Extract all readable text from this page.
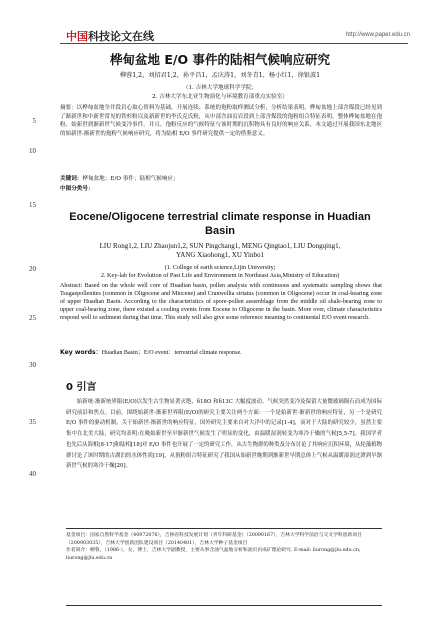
中国科技论文在线	http://www.paper.edu.cn
5
10
15
20
25
30
35
40
桦甸盆地 E/O 事件的陆相气候响应研究
柳蓉1,2，刘招君1,2，孙平昌1，孟庆涛1，刘冬青1，杨小红1，徐银波1
（1. 吉林大学地球科学学院；
2. 吉林大学东北亚生物演化与环境教育部重点实验室）
摘要：以桦甸盆地全井段岩心取心资料为基础，开展连续、系统的孢粉取样测试分析，分析结果表明，桦甸盆地上部含煤段已经见到了渐新世和中新世常见的铁杉粉以及新新世的李氏克氏粉，从中部含油页岩段到上部含煤段的孢粉组合特征表明，整体桦甸盆地在孢粉、始新世到渐新世气候变冷事件。并且，孢粉反应的气候特征与该时期的沉积物具有良好的响应关系，本文通过开展我国东北地区的始新世-渐新世的孢粉气候响应研究，将为陆相 E/O 事件研究提供一定的借鉴意义。
关键词：桦甸盆地；E/O 事件；陆相气候响应；
中图分类号：
Eocene/Oligocene terrestrial climate response in Huadian
Basin
LIU Rong1,2, LIU Zhaojun1,2, SUN Pingchang1, MENG Qingtao1, LIU Dongqing1,
YANG Xiaohong1, XU Yinbo1
(1. College of earth science,Lijin University;
2. Key-lab for Evolution of Past Life and Environment in Northeast Asia,Ministry of Education)
Abstract: Based on the whole well core of Huadian basin, pollen analysis with continuous and systematic sampling shows that Tsugaepollenites (common in Oligocene and Miocene) and Cranwellia striatus (common in Oligocene) occur in coal-bearing zone of upper Huadian Basin. According to the characteristics of spore-pollen assemblage from the middle oil shale-bearing zone to upper coal-bearing zone, there existed a cooling events from Eocene to Oligocene in the basin. More over, climate characteristics respond well to sediment during that time. This study will also give some reference meaning to continental E/O event research.
Key words：Huadian Basin；E/O event：terrestrial climate response.
0 引言
始新统-渐新统界限(E/O)以发生古生物显著灭绝、δ18O 和δ13C 大幅度波动、气候突然变冷及保留大量微玻璃陨石而成为国际研究前沿和焦点。目前，围绕始新世-渐新世界限(E/O)的研究主要关注两个方面：一个是始新世-渐新世的响应特征，另一个是研究 E/O 事件的驱动机制。关于始新世-渐新世的响应特征，国外研究主要来自对大洋中的记录[1-4]，而对于大陆的研究较少，虽然主要集中在北美大陆，研究均表明:在晚始新世至早渐新世气候发生了明显的变化，由温暖湿润转变为寒冷干燥的气候[5,5-7]。我国学者也先后从海相[8-17]和陆相[18]对 E/O 事件也开展了一定的研究工作，从古生物群的种类及分布讨论了其响应沉积环境，从轮藻植物群讨论了该时期的古湖泊的水体性质[19]，从孢粉组合特征研究了我国从始新世晚期到渐新世早期总体上气候从温暖湿润过渡到早渐新世气候的寒冷干燥[20]。
基金项目：国家自然科学基金（40972076），吉林省科技发展计划（青年科研基金）（20090167），吉林大学科学前沿与交叉学科创新项目（200903035），吉林大学创新团队建设项目（20140401），吉林大学种子基金项目
作者简介：柳蓉，（1986-），女，博士，吉林大学副教授，主要从事含油气盆地分析和油页岩成矿理论研究. E-mail: liurong@jlu.edu.cn; liurong@jlu.edu.cn
